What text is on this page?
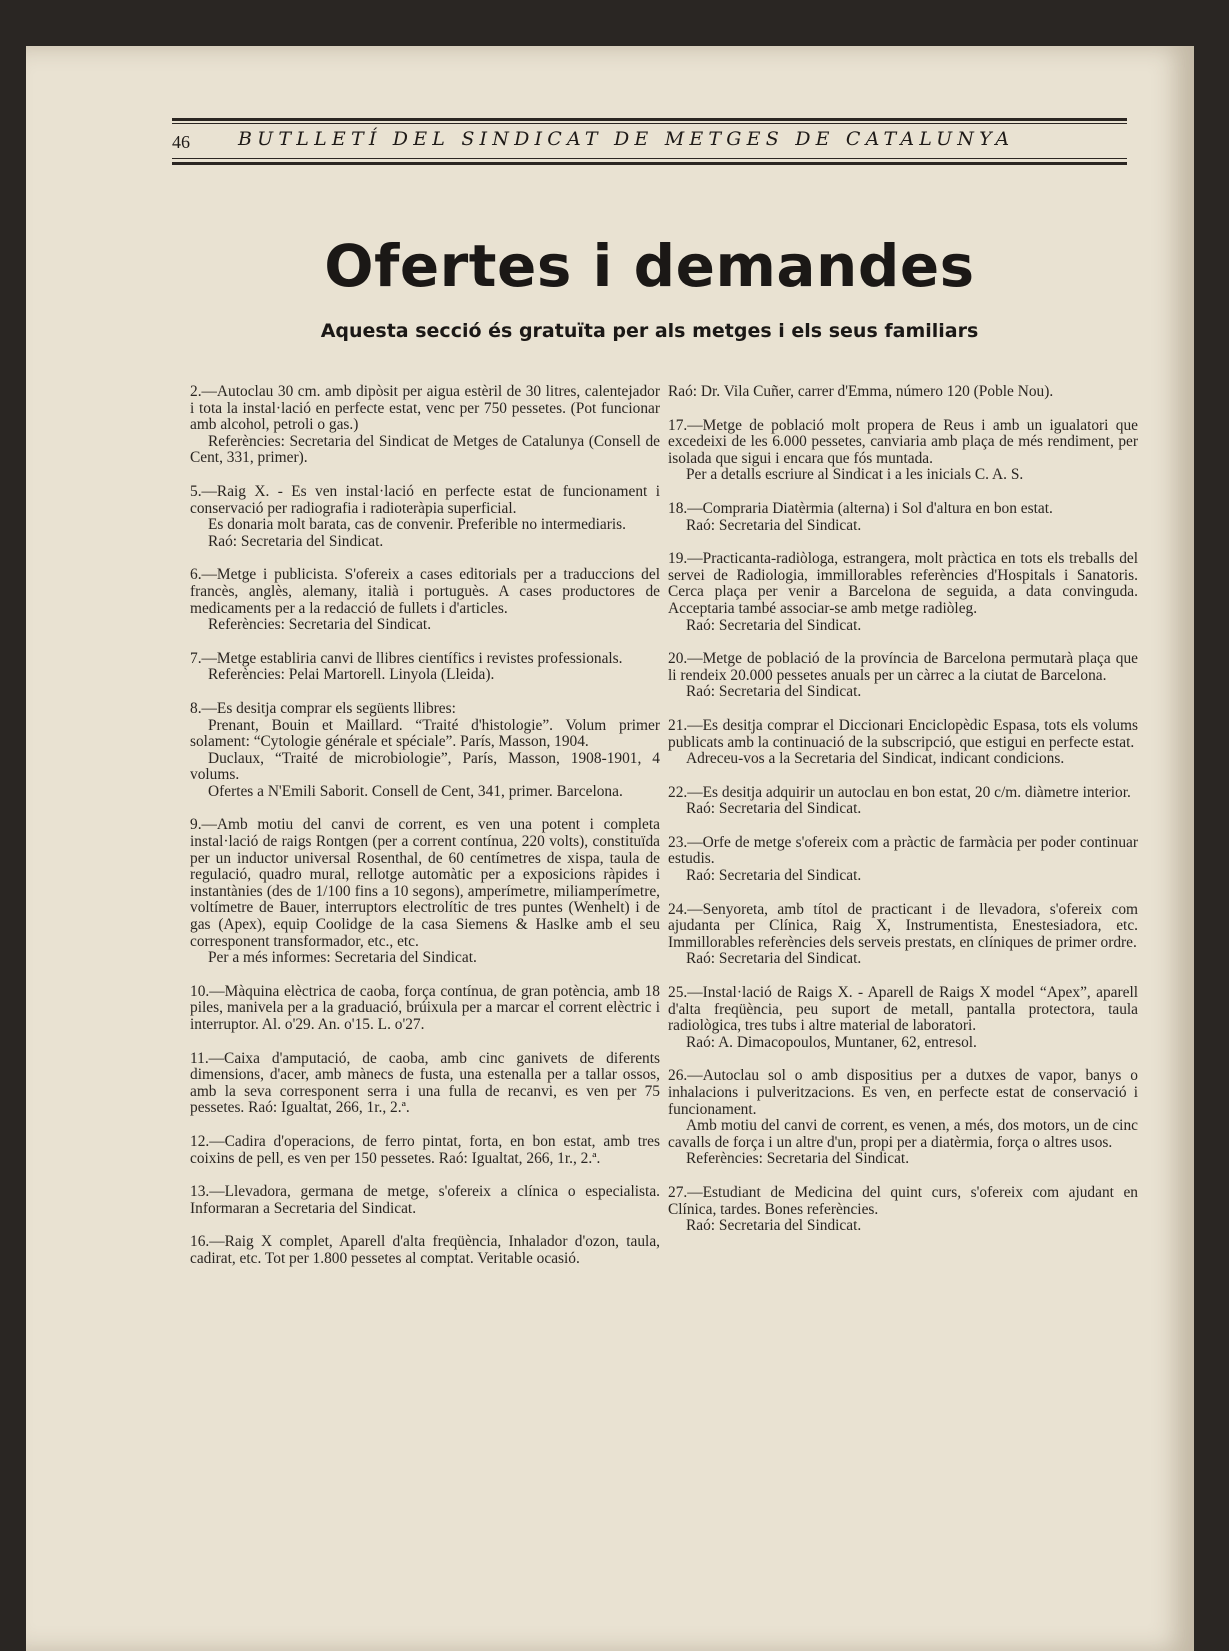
46	BUTLLETÍ DEL SINDICAT DE METGES DE CATALUNYA
Ofertes i demandes

Aquesta secció és gratuïta per als metges i els seus familiars

2.—Autoclau 30 cm. amb dipòsit per aigua estèril de 30 litres, calentejador i tota la instal·lació en perfecte estat, venc per 750 pessetes. (Pot funcionar amb alcohol, petroli o gas.)

Referències: Secretaria del Sindicat de Metges de Catalunya (Consell de Cent, 331, primer).

5.—Raig X. - Es ven instal·lació en perfecte estat de funcionament i conservació per radiografia i radioteràpia superficial.

Es donaria molt barata, cas de convenir. Preferible no intermediaris.

Raó: Secretaria del Sindicat.

6.—Metge i publicista. S'ofereix a cases editorials per a traduccions del francès, anglès, alemany, italià i portuguès. A cases productores de medicaments per a la redacció de fullets i d'articles.

Referències: Secretaria del Sindicat.

7.—Metge establiria canvi de llibres científics i revistes professionals.

Referències: Pelai Martorell. Linyola (Lleida).

8.—Es desitja comprar els següents llibres:

Prenant, Bouin et Maillard. “Traité d'histologie”. Volum primer solament: “Cytologie générale et spéciale”. París, Masson, 1904.

Duclaux, “Traité de microbiologie”, París, Masson, 1908-1901, 4 volums.

Ofertes a N'Emili Saborit. Consell de Cent, 341, primer. Barcelona.

9.—Amb motiu del canvi de corrent, es ven una potent i completa instal·lació de raigs Rontgen (per a corrent contínua, 220 volts), constituïda per un inductor universal Rosenthal, de 60 centímetres de xispa, taula de regulació, quadro mural, rellotge automàtic per a exposicions ràpides i instantànies (des de 1/100 fins a 10 segons), amperímetre, miliamperímetre, voltímetre de Bauer, interruptors electrolític de tres puntes (Wenhelt) i de gas (Apex), equip Coolidge de la casa Siemens & Haslke amb el seu corresponent transformador, etc., etc.

Per a més informes: Secretaria del Sindicat.

10.—Màquina elèctrica de caoba, força contínua, de gran potència, amb 18 piles, manivela per a la graduació, brúixula per a marcar el corrent elèctric i interruptor. Al. o'29. An. o'15. L. o'27.

11.—Caixa d'amputació, de caoba, amb cinc ganivets de diferents dimensions, d'acer, amb mànecs de fusta, una estenalla per a tallar ossos, amb la seva corresponent serra i una fulla de recanvi, es ven per 75 pessetes. Raó: Igualtat, 266, 1r., 2.ª.

12.—Cadira d'operacions, de ferro pintat, forta, en bon estat, amb tres coixins de pell, es ven per 150 pessetes. Raó: Igualtat, 266, 1r., 2.ª.

13.—Llevadora, germana de metge, s'ofereix a clínica o especialista. Informaran a Secretaria del Sindicat.

16.—Raig X complet, Aparell d'alta freqüència, Inhalador d'ozon, taula, cadirat, etc. Tot per 1.800 pessetes al comptat. Veritable ocasió.

Raó: Dr. Vila Cuñer, carrer d'Emma, número 120 (Poble Nou).

17.—Metge de població molt propera de Reus i amb un igualatori que excedeixi de les 6.000 pessetes, canviaria amb plaça de més rendiment, per isolada que sigui i encara que fós muntada.

Per a detalls escriure al Sindicat i a les inicials C. A. S.

18.—Compraria Diatèrmia (alterna) i Sol d'altura en bon estat.

Raó: Secretaria del Sindicat.

19.—Practicanta-radiòloga, estrangera, molt pràctica en tots els treballs del servei de Radiologia, immillorables referències d'Hospitals i Sanatoris. Cerca plaça per venir a Barcelona de seguida, a data convinguda. Acceptaria també associar-se amb metge radiòleg.

Raó: Secretaria del Sindicat.

20.—Metge de població de la província de Barcelona permutarà plaça que li rendeix 20.000 pessetes anuals per un càrrec a la ciutat de Barcelona.

Raó: Secretaria del Sindicat.

21.—Es desitja comprar el Diccionari Enciclopèdic Espasa, tots els volums publicats amb la continuació de la subscripció, que estigui en perfecte estat.

Adreceu-vos a la Secretaria del Sindicat, indicant condicions.

22.—Es desitja adquirir un autoclau en bon estat, 20 c/m. diàmetre interior.

Raó: Secretaria del Sindicat.

23.—Orfe de metge s'ofereix com a pràctic de farmàcia per poder continuar estudis.

Raó: Secretaria del Sindicat.

24.—Senyoreta, amb títol de practicant i de llevadora, s'ofereix com ajudanta per Clínica, Raig X, Instrumentista, Enestesiadora, etc. Immillorables referències dels serveis prestats, en clíniques de primer ordre.

Raó: Secretaria del Sindicat.

25.—Instal·lació de Raigs X. - Aparell de Raigs X model “Apex”, aparell d'alta freqüència, peu suport de metall, pantalla protectora, taula radiològica, tres tubs i altre material de laboratori.

Raó: A. Dimacopoulos, Muntaner, 62, entresol.

26.—Autoclau sol o amb dispositius per a dutxes de vapor, banys o inhalacions i pulveritzacions. Es ven, en perfecte estat de conservació i funcionament.

Amb motiu del canvi de corrent, es venen, a més, dos motors, un de cinc cavalls de força i un altre d'un, propi per a diatèrmia, força o altres usos.

Referències: Secretaria del Sindicat.

27.—Estudiant de Medicina del quint curs, s'ofereix com ajudant en Clínica, tardes. Bones referències.

Raó: Secretaria del Sindicat.
